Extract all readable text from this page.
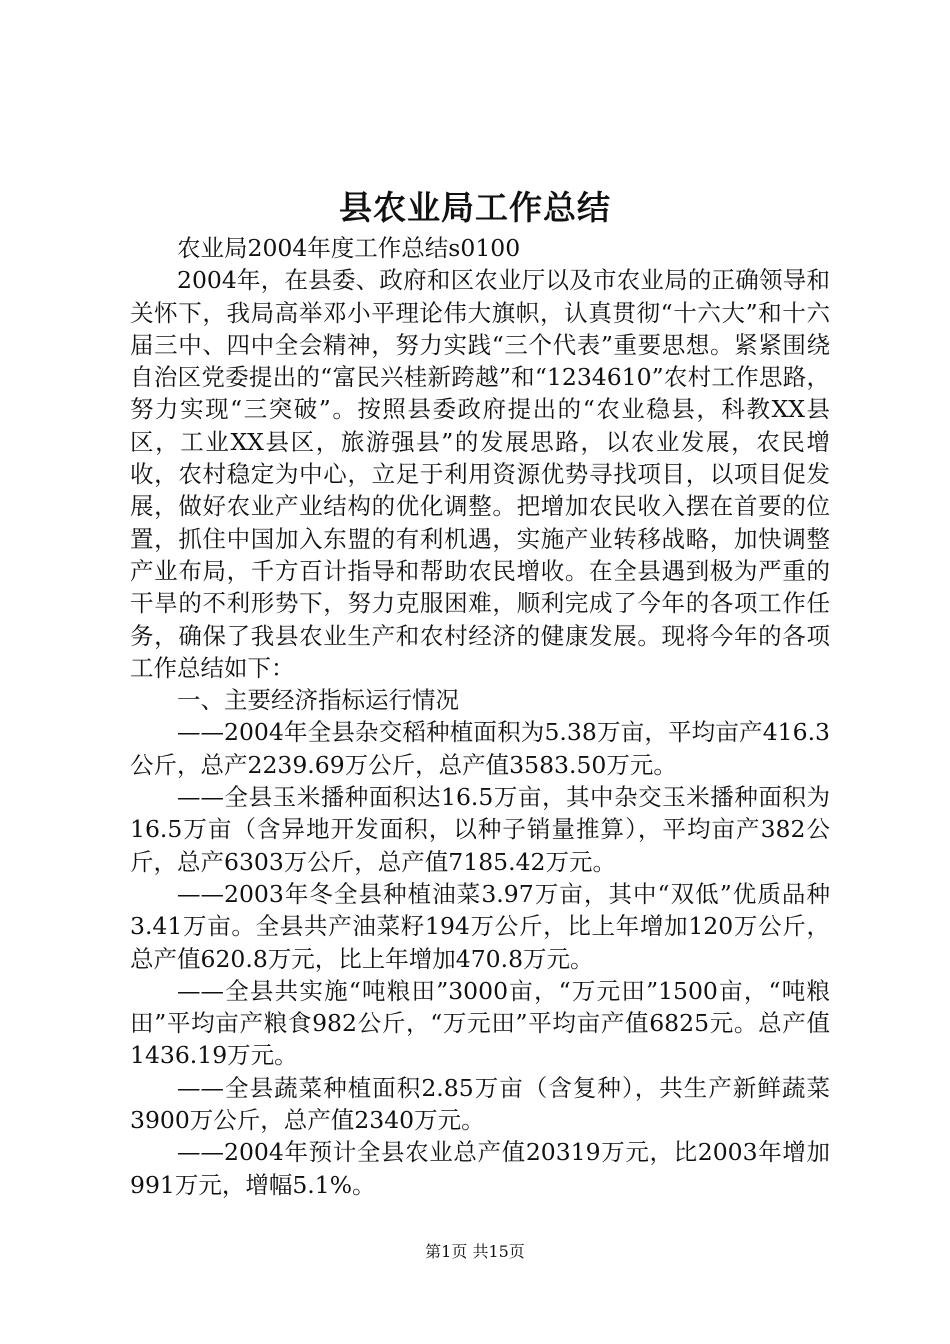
县农业局工作总结

农业局2004年度工作总结s0100

2004年，在县委、政府和区农业厅以及市农业局的正确领导和关怀下，我局高举邓小平理论伟大旗帜，认真贯彻“十六大”和十六届三中、四中全会精神，努力实践“三个代表”重要思想。紧紧围绕自治区党委提出的“富民兴桂新跨越”和“1234610”农村工作思路，努力实现“三突破”。按照县委政府提出的“农业稳县，科教XX县区，工业XX县区，旅游强县”的发展思路，以农业发展，农民增收，农村稳定为中心，立足于利用资源优势寻找项目，以项目促发展，做好农业产业结构的优化调整。把增加农民收入摆在首要的位置，抓住中国加入东盟的有利机遇，实施产业转移战略，加快调整产业布局，千方百计指导和帮助农民增收。在全县遇到极为严重的干旱的不利形势下，努力克服困难，顺利完成了今年的各项工作任务，确保了我县农业生产和农村经济的健康发展。现将今年的各项工作总结如下：

一、主要经济指标运行情况

——2004年全县杂交稻种植面积为5.38万亩，平均亩产416.3公斤，总产2239.69万公斤，总产值3583.50万元。

——全县玉米播种面积达16.5万亩，其中杂交玉米播种面积为16.5万亩（含异地开发面积，以种子销量推算），平均亩产382公斤，总产6303万公斤，总产值7185.42万元。

——2003年冬全县种植油菜3.97万亩，其中“双低”优质品种3.41万亩。全县共产油菜籽194万公斤，比上年增加120万公斤，总产值620.8万元，比上年增加470.8万元。

——全县共实施“吨粮田”3000亩，“万元田”1500亩，“吨粮田”平均亩产粮食982公斤，“万元田”平均亩产值6825元。总产值1436.19万元。

——全县蔬菜种植面积2.85万亩（含复种），共生产新鲜蔬菜3900万公斤，总产值2340万元。

——2004年预计全县农业总产值20319万元，比2003年增加991万元，增幅5.1%。

第1页 共15页
